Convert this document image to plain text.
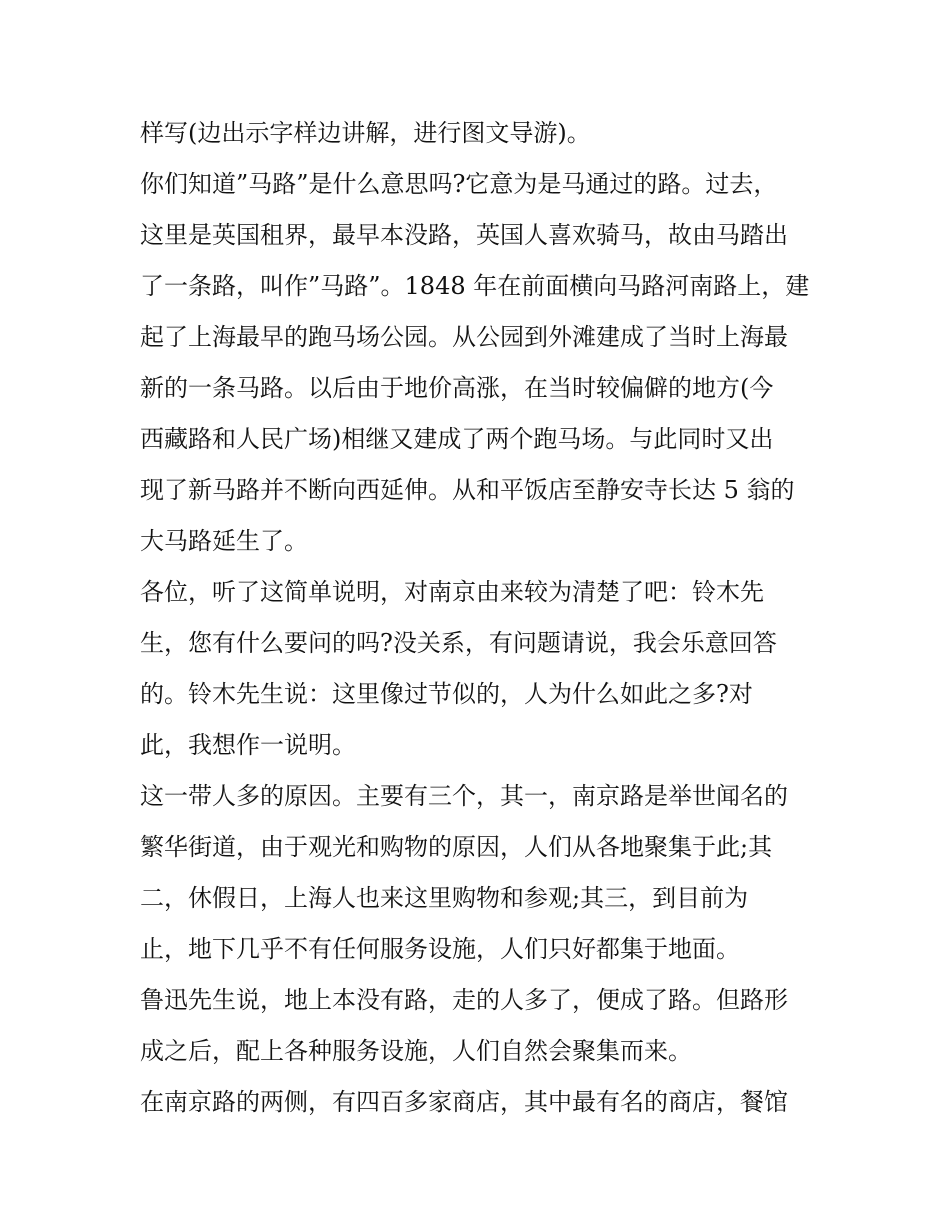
样写(边出示字样边讲解，进行图文导游)。
你们知道”马路”是什么意思吗?它意为是马通过的路。过去，
这里是英国租界，最早本没路，英国人喜欢骑马，故由马踏出
了一条路，叫作”马路”。1848 年在前面横向马路河南路上，建
起了上海最早的跑马场公园。从公园到外滩建成了当时上海最
新的一条马路。以后由于地价高涨，在当时较偏僻的地方(今
西藏路和人民广场)相继又建成了两个跑马场。与此同时又出
现了新马路并不断向西延伸。从和平饭店至静安寺长达 5 翁的
大马路延生了。
各位，听了这简单说明，对南京由来较为清楚了吧：铃木先
生，您有什么要问的吗?没关系，有问题请说，我会乐意回答
的。铃木先生说：这里像过节似的，人为什么如此之多?对
此，我想作一说明。
这一带人多的原因。主要有三个，其一，南京路是举世闻名的
繁华街道，由于观光和购物的原因，人们从各地聚集于此;其
二，休假日，上海人也来这里购物和参观;其三，到目前为
止，地下几乎不有任何服务设施，人们只好都集于地面。
鲁迅先生说，地上本没有路，走的人多了，便成了路。但路形
成之后，配上各种服务设施，人们自然会聚集而来。
在南京路的两侧，有四百多家商店，其中最有名的商店，餐馆
